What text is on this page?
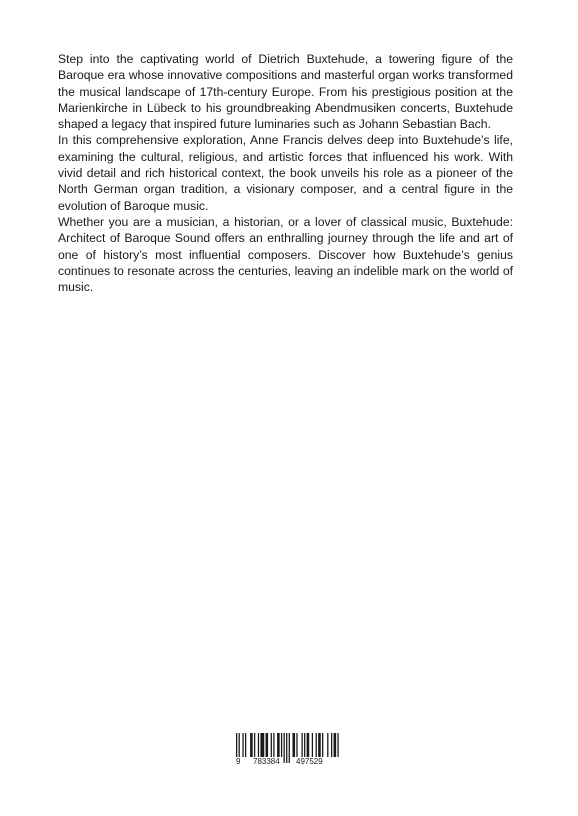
Step into the captivating world of Dietrich Buxtehude, a towering figure of the Baroque era whose innovative compositions and masterful organ works transformed the musical landscape of 17th-century Europe. From his prestigious position at the Marienkirche in Lübeck to his groundbreaking Abendmusiken concerts, Buxtehude shaped a legacy that inspired future luminaries such as Johann Sebastian Bach.

In this comprehensive exploration, Anne Francis delves deep into Buxtehude’s life, examining the cultural, religious, and artistic forces that influenced his work. With vivid detail and rich historical context, the book unveils his role as a pioneer of the North German organ tradition, a visionary composer, and a central figure in the evolution of Baroque music.

Whether you are a musician, a historian, or a lover of classical music, Buxtehude: Architect of Baroque Sound offers an enthralling journey through the life and art of one of history’s most influential composers. Discover how Buxtehude’s genius continues to resonate across the centuries, leaving an indelible mark on the world of music.

9 783384 497529
